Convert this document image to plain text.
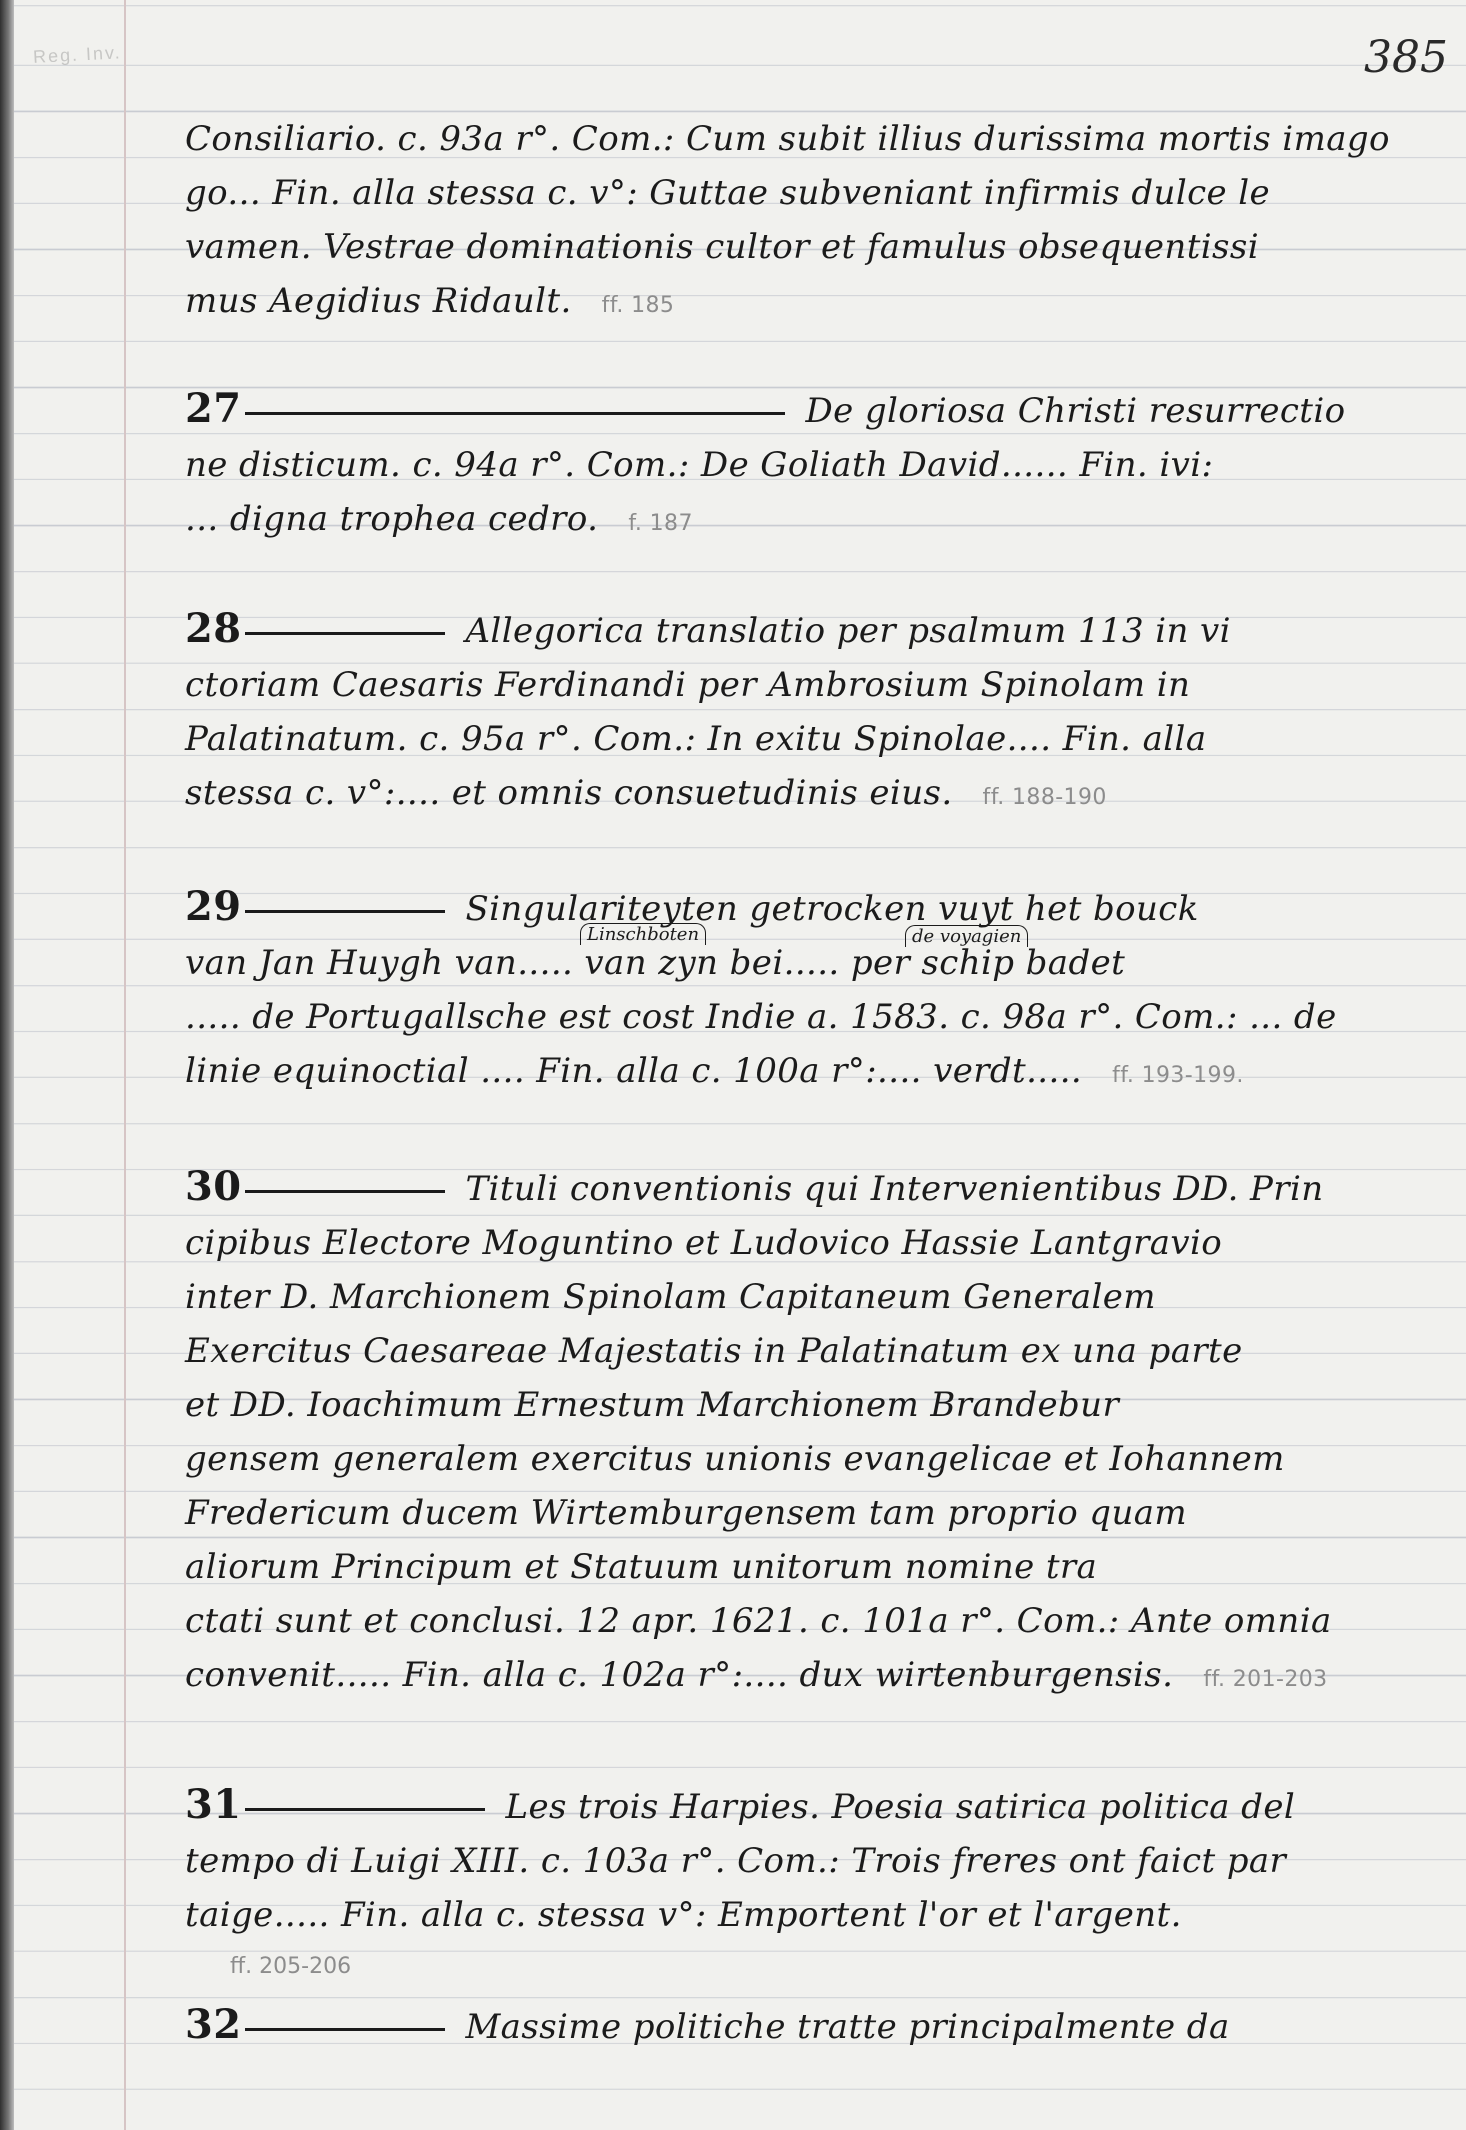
Reg. Inv.	385
Consiliario. c. 93a r°. Com.: Cum subit illius durissima mortis imago
go... Fin. alla stessa c. v°: Guttae subveniant infirmis dulce le
vamen. Vestrae dominationis cultor et famulus obsequentissi
mus Aegidius Ridault. ff. 185
27	De gloriosa Christi resurrectio
ne disticum. c. 94a r°. Com.: De Goliath David...... Fin. ivi:
... digna trophea cedro. f. 187
28	Allegorica translatio per psalmum 113 in vi
ctoriam Caesaris Ferdinandi per Ambrosium Spinolam in
Palatinatum. c. 95a r°. Com.: In exitu Spinolae.... Fin. alla
stessa c. v°:.... et omnis consuetudinis eius. ff. 188-190
29	Singulariteyten getrocken vuyt het bouck
van Jan Huygh van..... van zyn bei..... per schip badet
..... de Portugallsche est cost Indie a. 1583. c. 98a r°. Com.: ... de
linie equinoctial .... Fin. alla c. 100a r°:.... verdt..... ff. 193-199.
Linschboten	de voyagien
30	Tituli conventionis qui Intervenientibus DD. Prin
cipibus Electore Moguntino et Ludovico Hassie Lantgravio
inter D. Marchionem Spinolam Capitaneum Generalem
Exercitus Caesareae Majestatis in Palatinatum ex una parte
et DD. Ioachimum Ernestum Marchionem Brandebur
gensem generalem exercitus unionis evangelicae et Iohannem
Fredericum ducem Wirtemburgensem tam proprio quam
aliorum Principum et Statuum unitorum nomine tra
ctati sunt et conclusi. 12 apr. 1621. c. 101a r°. Com.: Ante omnia
convenit..... Fin. alla c. 102a r°:.... dux wirtenburgensis. ff. 201-203
31	Les trois Harpies. Poesia satirica politica del
tempo di Luigi XIII. c. 103a r°. Com.: Trois freres ont faict par
taige..... Fin. alla c. stessa v°: Emportent l'or et l'argent.
ff. 205-206
32	Massime politiche tratte principalmente da
